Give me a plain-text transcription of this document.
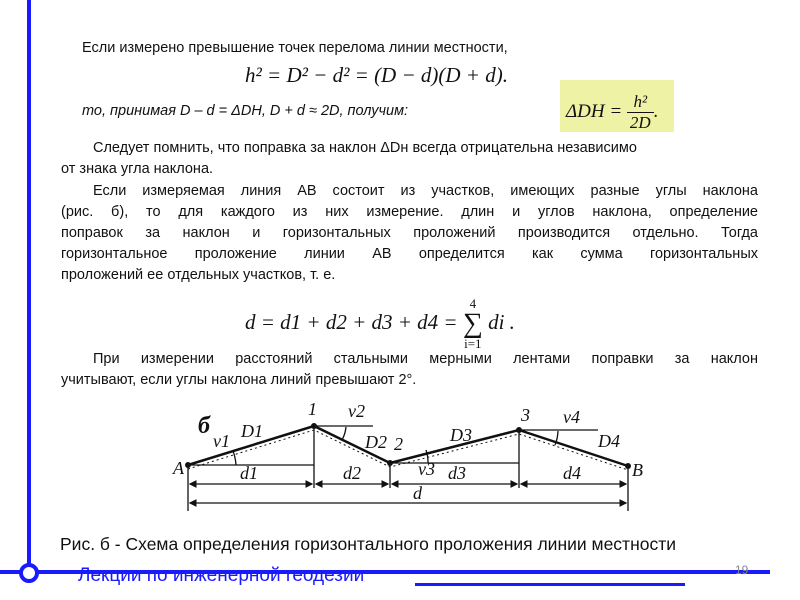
Если измерено превышение точек перелома линии местности,
h² = D² − d² = (D − d)(D + d).
то, принимая D – d = ΔDH, D + d ≈ 2D, получим:	$\Delta DH = \frac{\text{h²}}{2D}$ .
Следует помнить, что поправка за наклон ΔDн всегда отрицательна независимо
от знака угла наклона.
Если измеряемая линия AB состоит из участков, имеющих разные углы наклона
(рис. б), то для каждого из них измерение. длин и углов наклона, определение
поправок за наклон и горизонтальных проложений производится отдельно. Тогда
горизонтальное проложение линии AB определится как сумма горизонтальных
проложений ее отдельных участков, т. е.
d = d1 + d2 + d3 + d4 =
4
∑
i=1
di .
При измерении расстояний стальными мерными лентами поправки за наклон
учитывают, если углы наклона линий превышают 2°.
б
A	B
1
2
3
D1
D2	D3	D4
ν1
ν2
ν3
ν4
d1	d2	d3	d4
d
Рис. б - Схема определения горизонтального проложения линии местности
Лекции по инженерной геодезии	19
